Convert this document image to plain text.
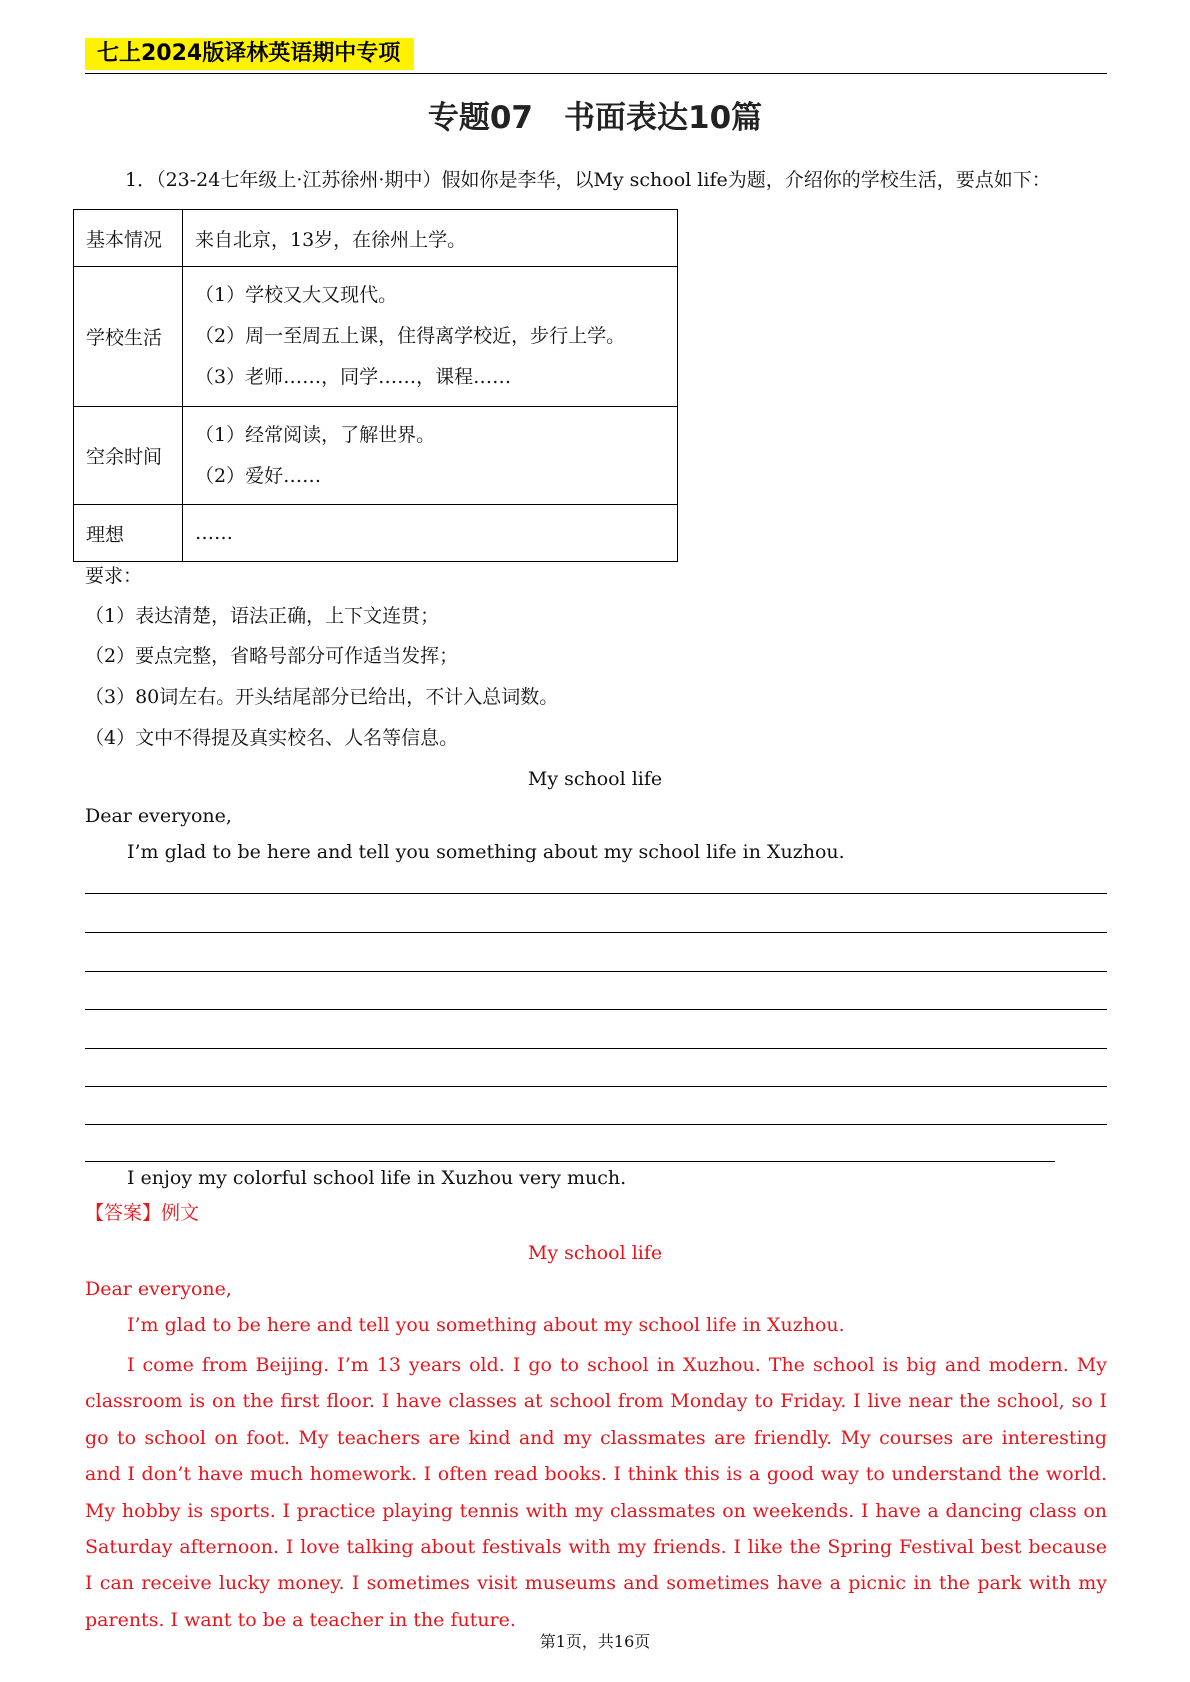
七上2024版译林英语期中专项
专题07　书面表达10篇
1．（23-24七年级上·江苏徐州·期中）假如你是李华，以My school life为题，介绍你的学校生活，要点如下：
基本情况	来自北京，13岁，在徐州上学。

学校生活	（1）学校又大又现代。
（2）周一至周五上课，住得离学校近，步行上学。
（3）老师……，同学……，课程……

空余时间	（1）经常阅读，了解世界。
（2）爱好……

理想	……
要求：
（1）表达清楚，语法正确，上下文连贯；
（2）要点完整，省略号部分可作适当发挥；
（3）80词左右。开头结尾部分已给出，不计入总词数。
（4）文中不得提及真实校名、人名等信息。
My school life
Dear everyone,
I’m glad to be here and tell you something about my school life in Xuzhou.
I enjoy my colorful school life in Xuzhou very much.
【答案】例文
My school life
Dear everyone,
I’m glad to be here and tell you something about my school life in Xuzhou.
I come from Beijing. I’m 13 years old. I go to school in Xuzhou. The school is big and modern. My classroom is on the first floor. I have classes at school from Monday to Friday. I live near the school, so I go to school on foot. My teachers are kind and my classmates are friendly. My courses are interesting and I don’t have much homework. I often read books. I think this is a good way to understand the world. My hobby is sports. I practice playing tennis with my classmates on weekends. I have a dancing class on Saturday afternoon. I love talking about festivals with my friends. I like the Spring Festival best because I can receive lucky money. I sometimes visit museums and sometimes have a picnic in the park with my parents. I want to be a teacher in the future.
第1页，共16页
